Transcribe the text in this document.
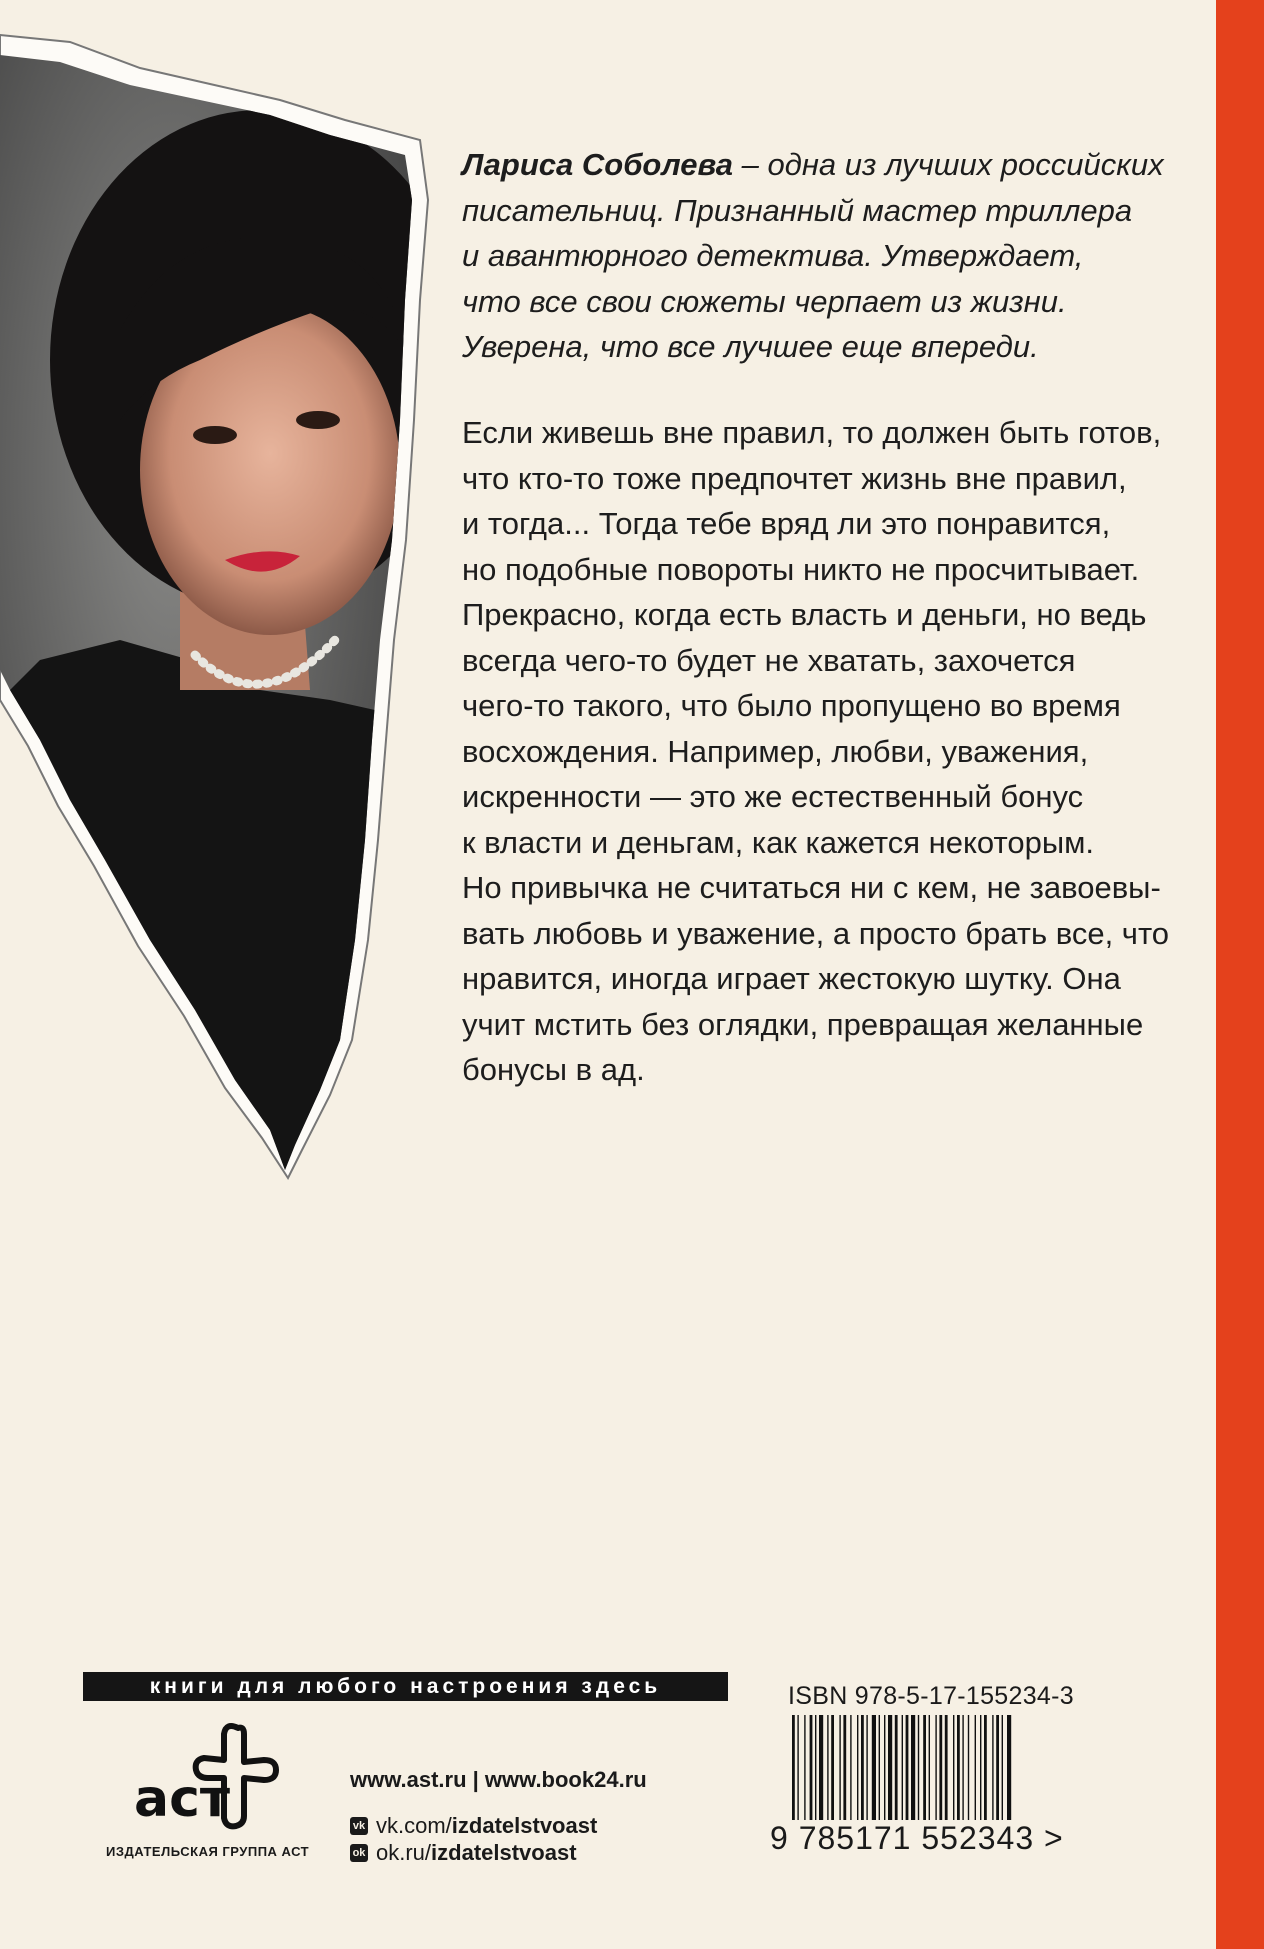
Лариса Соболева – одна из лучших российских
писательниц. Признанный мастер триллера
и авантюрного детектива. Утверждает,
что все свои сюжеты черпает из жизни.
Уверена, что все лучшее еще впереди.
Если живешь вне правил, то должен быть готов,
что кто-то тоже предпочтет жизнь вне правил,
и тогда... Тогда тебе вряд ли это понравится,
но подобные повороты никто не просчитывает.
Прекрасно, когда есть власть и деньги, но ведь
всегда чего-то будет не хватать, захочется
чего-то такого, что было пропущено во время
восхождения. Например, любви, уважения,
искренности — это же естественный бонус
к власти и деньгам, как кажется некоторым.
Но привычка не считаться ни с кем, не завоевы-
вать любовь и уважение, а просто брать все, что
нравится, иногда играет жестокую шутку. Она
учит мстить без оглядки, превращая желанные
бонусы в ад.
книги для любого настроения здесь
аст
ИЗДАТЕЛЬСКАЯ ГРУППА АСТ
www.ast.ru | www.book24.ru
vk vk.com/ izdatelstvoast
ok ok.ru/ izdatelstvoast
ISBN 978-5-17-155234-3
9 785171 552343 >
